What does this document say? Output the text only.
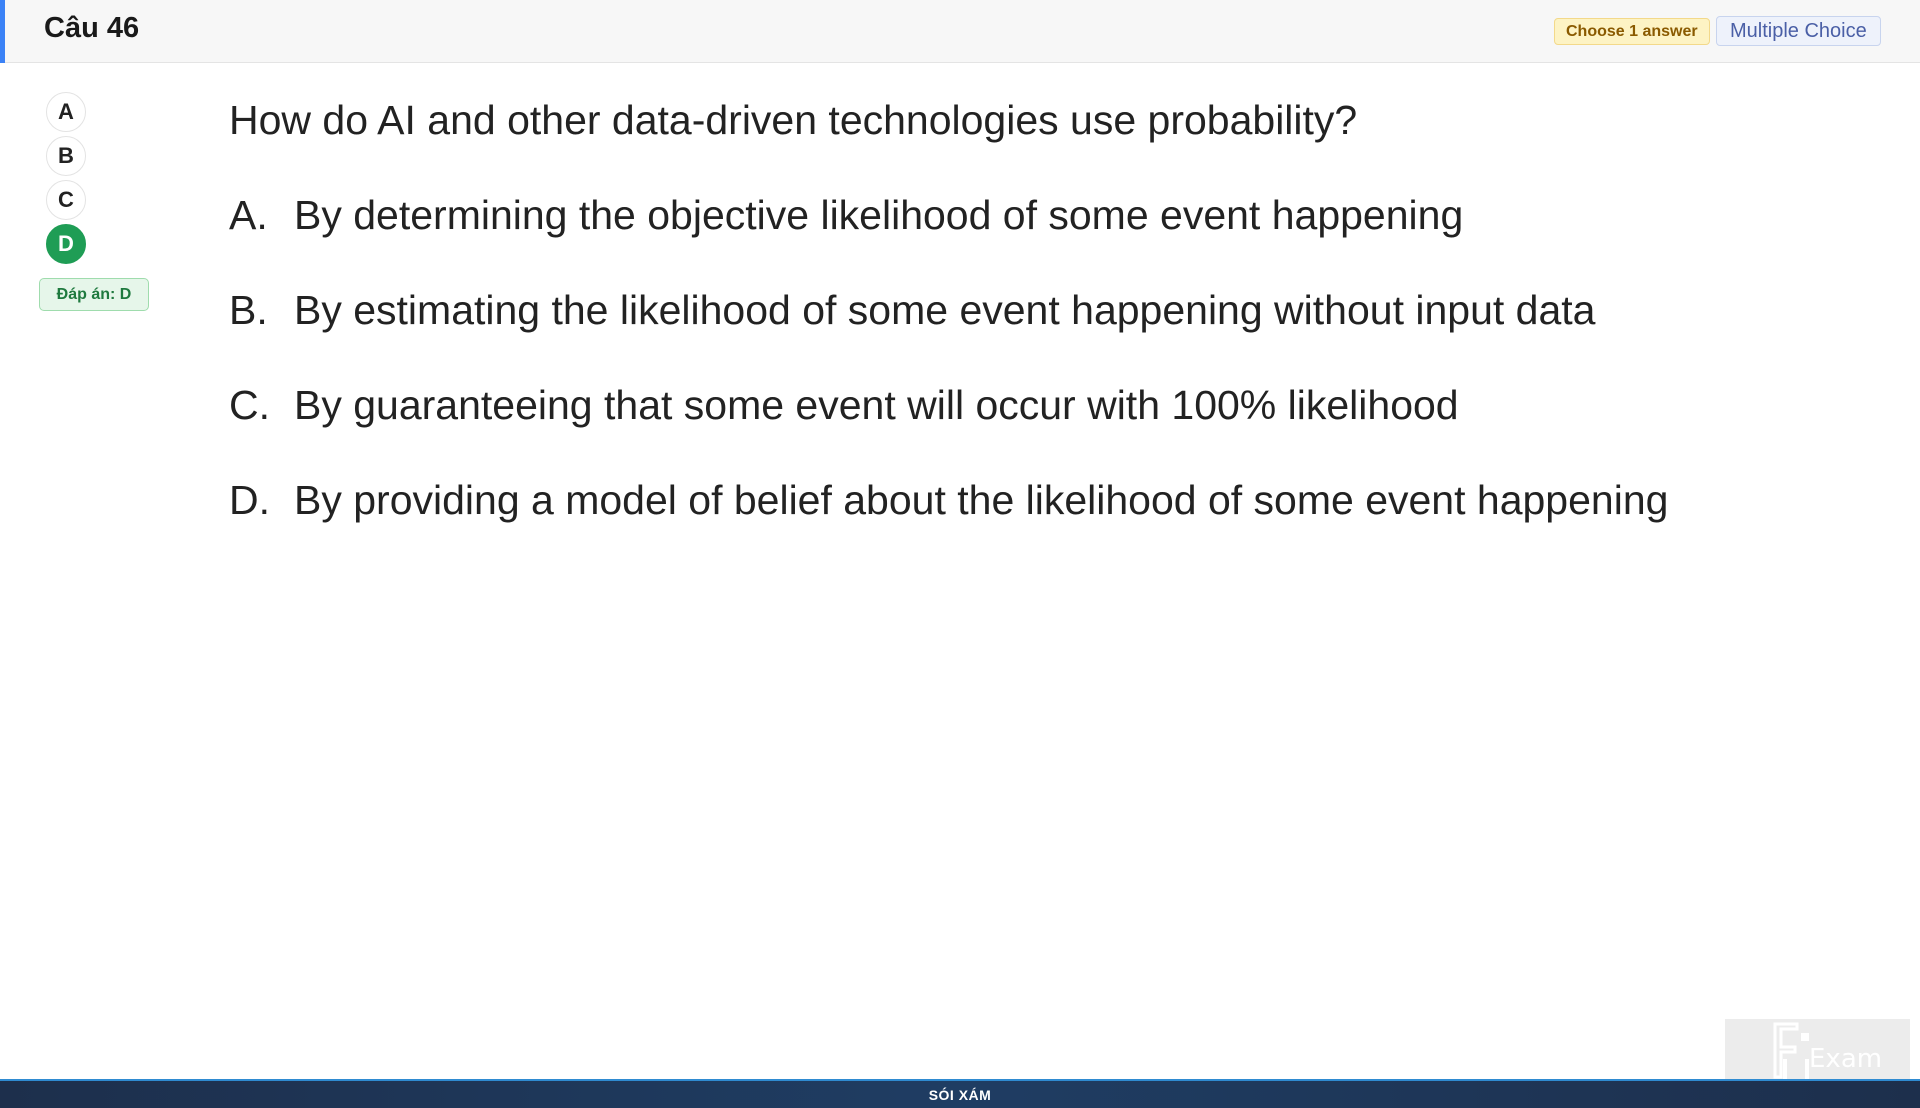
Câu 46	Choose 1 answer	Multiple Choice
A
B
C
D
Đáp án: D
How do AI and other data-driven technologies use probability?
A. By determining the objective likelihood of some event happening
B. By estimating the likelihood of some event happening without input data
C. By guaranteeing that some event will occur with 100% likelihood
D. By providing a model of belief about the likelihood of some event happening
Exam
SÓI XÁM
